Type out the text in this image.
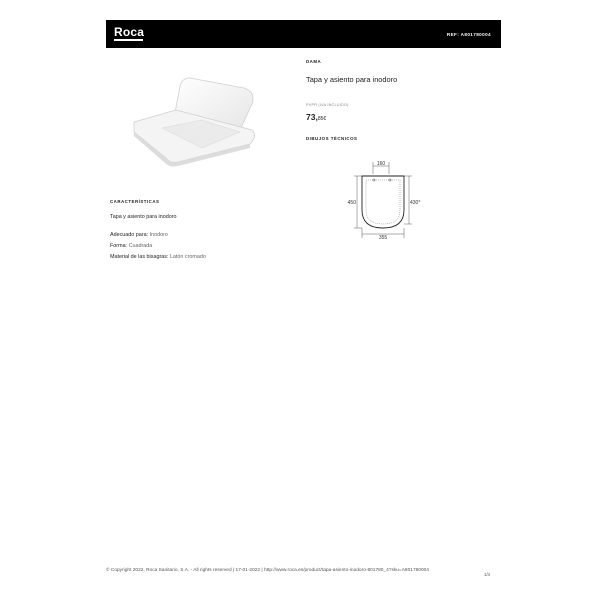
Roca	REF: A801780004
DAMA
Tapa y asiento para inodoro
PVPR (IVA INCLUIDO)
73,85€
DIBUJOS TÉCNICOS
160
450	430*
355
CARACTERÍSTICAS
Tapa y asiento para inodoro
Adecuado para: Inodoro
Forma: Cuadrada
Material de las bisagras: Latón cromado
© Copyright 2022, Roca Sanitario, S.A. - All rights reserved | 17-01-2022 | http://www.roca.es/product/tapa-asiento-inodoro-801780_4?sku=A801780004
1/4
